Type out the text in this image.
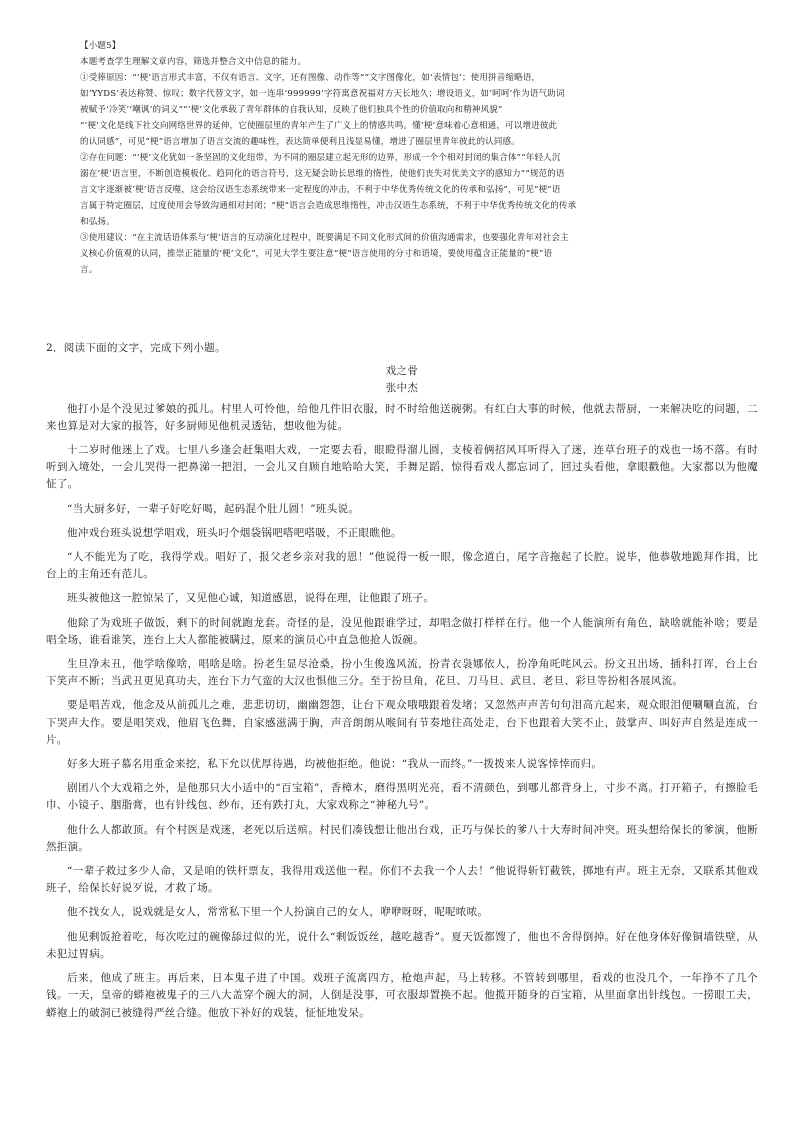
【小题5】

本题考查学生理解文章内容，筛选并整合文中信息的能力。

①受捧原因：“‘梗’语言形式丰富，不仅有语言、文字，还有图像、动作等”“文字图像化，如‘表情包’；使用拼音缩略语，

如‘YYDS’表达称赞、惊叹；数字代替文字，如一连串‘999999’字符寓意祝福对方天长地久；增设语义，如‘呵呵’作为语气助词

被赋予‘冷笑’‘嘲讽’的词义”“‘梗’文化承载了青年群体的自我认知，反映了他们独具个性的价值取向和精神风貌”

“‘梗’文化是线下社交向网络世界的延伸，它使圈层里的青年产生了广义上的情感共鸣。懂‘梗’意味着心意相通，可以增进彼此

的认同感”，可见“梗”语言增加了语言交流的趣味性，表达简单便利且浅显易懂，增进了圈层里青年彼此的认同感。

②存在问题：“‘梗’文化犹如一条坚固的文化纽带，为不同的圈层建立起无形的边界，形成一个个相对封闭的集合体”“年轻人沉

溺在‘梗’语言里，不断创造模板化、趋同化的语言符号，这无疑会助长思维的惰性，使他们丧失对优美文字的感知力”“规范的语

言文字逐渐被‘梗’语言反噬，这会给汉语生态系统带来一定程度的冲击，不利于中华优秀传统文化的传承和弘扬”，可见“梗”语

言属于特定圈层，过度使用会导致沟通相对封闭；“梗”语言会造成思维惰性，冲击汉语生态系统，不利于中华优秀传统文化的传承

和弘扬。

③使用建议：“在主流话语体系与‘梗’语言的互动演化过程中，既要满足不同文化形式间的价值沟通需求，也要强化青年对社会主

义核心价值观的认同，推崇正能量的‘梗’文化”，可见大学生要注意“梗”语言使用的分寸和语境，要使用蕴含正能量的“梗”语

言。

2．阅读下面的文字，完成下列小题。

戏之骨

张中杰

他打小是个没见过爹娘的孤儿。村里人可怜他，给他几件旧衣服，时不时给他送碗粥。有红白大事的时候，他就去帮厨，一来解决吃的问题，二来也算是对大家的报答，好多厨师见他机灵透钻，想收他为徒。

十二岁时他迷上了戏。七里八乡逢会赶集唱大戏，一定要去看，眼瞪得溜儿圆，支棱着俩招风耳听得入了迷，连草台班子的戏也一场不落。有时听到入境处，一会儿哭得一把鼻涕一把泪，一会儿又自顾自地哈哈大笑，手舞足蹈，惊得看戏人都忘词了，回过头看他，拿眼戳他。大家都以为他魔怔了。

“当大厨多好，一辈子好吃好喝，起码混个肚儿圆！”班头说。

他冲戏台班头说想学唱戏，班头叼个烟袋锅吧嗒吧嗒吸，不正眼瞧他。

“人不能光为了吃，我得学戏。唱好了，报父老乡亲对我的恩！”他说得一板一眼，像念道白，尾字音拖起了长腔。说毕，他恭敬地跪拜作揖，比台上的主角还有范儿。

班头被他这一腔惊呆了，又见他心诚，知道感恩，说得在理，让他跟了班子。

他除了为戏班子做饭，剩下的时间就跑龙套。奇怪的是，没见他跟谁学过，却唱念做打样样在行。他一个人能演所有角色，缺啥就能补啥；要是唱全场，谁看谁笑，连台上大人都能被瞒过，原来的演员心中直急他抢人饭碗。

生旦净末丑，他学啥像啥，唱啥是啥。扮老生显尽沧桑，扮小生俊逸风流，扮青衣袅娜依人，扮净角吒咤风云。扮文丑出场，插科打诨，台上台下笑声不断；当武丑更见真功夫，连台下力气蛮的大汉也惧他三分。至于扮旦角，花旦、刀马旦、武旦、老旦、彩旦等扮相各展风流。

要是唱苦戏，他念及从前孤儿之难，悲悲切切，幽幽怨怨，让台下观众哦哦跟着发堵；又忽然声声苦句句泪高亢起来，观众眼泪便唰唰直流，台下哭声大作。要是唱笑戏，他眉飞色舞，自家感滋满于胸，声音朗朗从喉间有节奏地往高处走，台下也跟着大笑不止，鼓掌声、叫好声自然是连成一片。

好多大班子慕名用重金来挖，私下允以优厚待遇，均被他拒绝。他说：“我从一而终。”一拨拨来人说客悻悻而归。

剧团八个大戏箱之外，是他那只大小适中的“百宝箱”，香樟木，磨得黑明光亮，看不清颜色，到哪儿都背身上，寸步不离。打开箱子，有擦脸毛巾、小镜子、胭脂膏，也有针线包、纱布，还有跌打丸，大家戏称之“神秘九号”。

他什么人都敢顶。有个村医是戏迷，老死以后送殡。村民们凑钱想让他出台戏，正巧与保长的爹八十大寿时间冲突。班头想给保长的爹演，他断然拒演。

“一辈子救过多少人命，又是咱的铁杆票友，我得用戏送他一程。你们不去我一个人去！”他说得斩钉截铁，掷地有声。班主无奈，又联系其他戏班子，给保长好说歹说，才救了场。

他不找女人，说戏就是女人，常常私下里一个人扮演自己的女人，咿咿呀呀，呢呢哝哝。

他见剩饭抢着吃，每次吃过的碗像舔过似的光，说什么“剩饭饭丝，越吃越香”。夏天饭都馊了，他也不舍得倒掉。好在他身体好像铜墙铁壁，从未犯过胃病。

后来，他成了班主。再后来，日本鬼子进了中国。戏班子流离四方，枪炮声起，马上转移。不管转到哪里，看戏的也没几个，一年挣不了几个钱。一天，皇帝的蟒袍被鬼子的三八大盖穿个碗大的洞，人倒是没事，可衣服却置换不起。他揽开随身的百宝箱，从里面拿出针线包。一捞眼工夫，蟒袍上的破洞已被缝得严丝合缝。他放下补好的戏装，怔怔地发呆。
